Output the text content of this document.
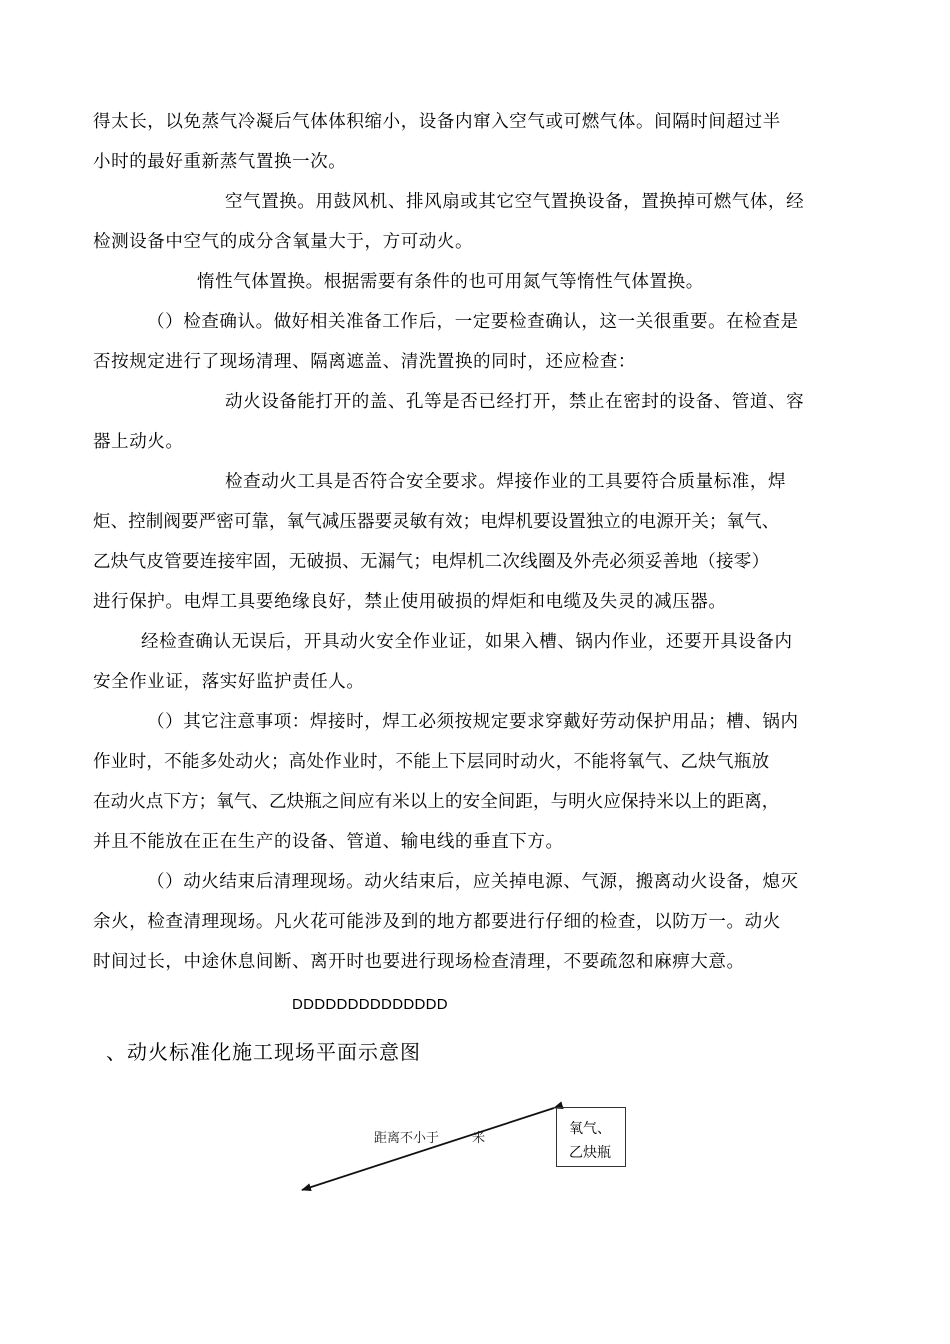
得太长，以免蒸气冷凝后气体体积缩小，设备内窜入空气或可燃气体。间隔时间超过半
小时的最好重新蒸气置换一次。
空气置换。用鼓风机、排风扇或其它空气置换设备，置换掉可燃气体，经
检测设备中空气的成分含氧量大于，方可动火。
惰性气体置换。根据需要有条件的也可用氮气等惰性气体置换。
（）检查确认。做好相关准备工作后，一定要检查确认，这一关很重要。在检查是
否按规定进行了现场清理、隔离遮盖、清洗置换的同时，还应检查：
动火设备能打开的盖、孔等是否已经打开，禁止在密封的设备、管道、容
器上动火。
检查动火工具是否符合安全要求。焊接作业的工具要符合质量标准，焊
炬、控制阀要严密可靠，氧气减压器要灵敏有效；电焊机要设置独立的电源开关；氧气、
乙炔气皮管要连接牢固，无破损、无漏气；电焊机二次线圈及外壳必须妥善地（接零）
进行保护。电焊工具要绝缘良好，禁止使用破损的焊炬和电缆及失灵的减压器。
经检查确认无误后，开具动火安全作业证，如果入槽、锅内作业，还要开具设备内
安全作业证，落实好监护责任人。
（）其它注意事项：焊接时，焊工必须按规定要求穿戴好劳动保护用品；槽、锅内
作业时，不能多处动火；高处作业时，不能上下层同时动火，不能将氧气、乙炔气瓶放
在动火点下方；氧气、乙炔瓶之间应有米以上的安全间距，与明火应保持米以上的距离，
并且不能放在正在生产的设备、管道、输电线的垂直下方。
（）动火结束后清理现场。动火结束后，应关掉电源、气源，搬离动火设备，熄灭
余火，检查清理现场。凡火花可能涉及到的地方都要进行仔细的检查，以防万一。动火
时间过长，中途休息间断、离开时也要进行现场检查清理，不要疏忽和麻痹大意。
DDDDDDDDDDDDDD
、动火标准化施工现场平面示意图
距离不小于	米
氧气、
乙炔瓶
